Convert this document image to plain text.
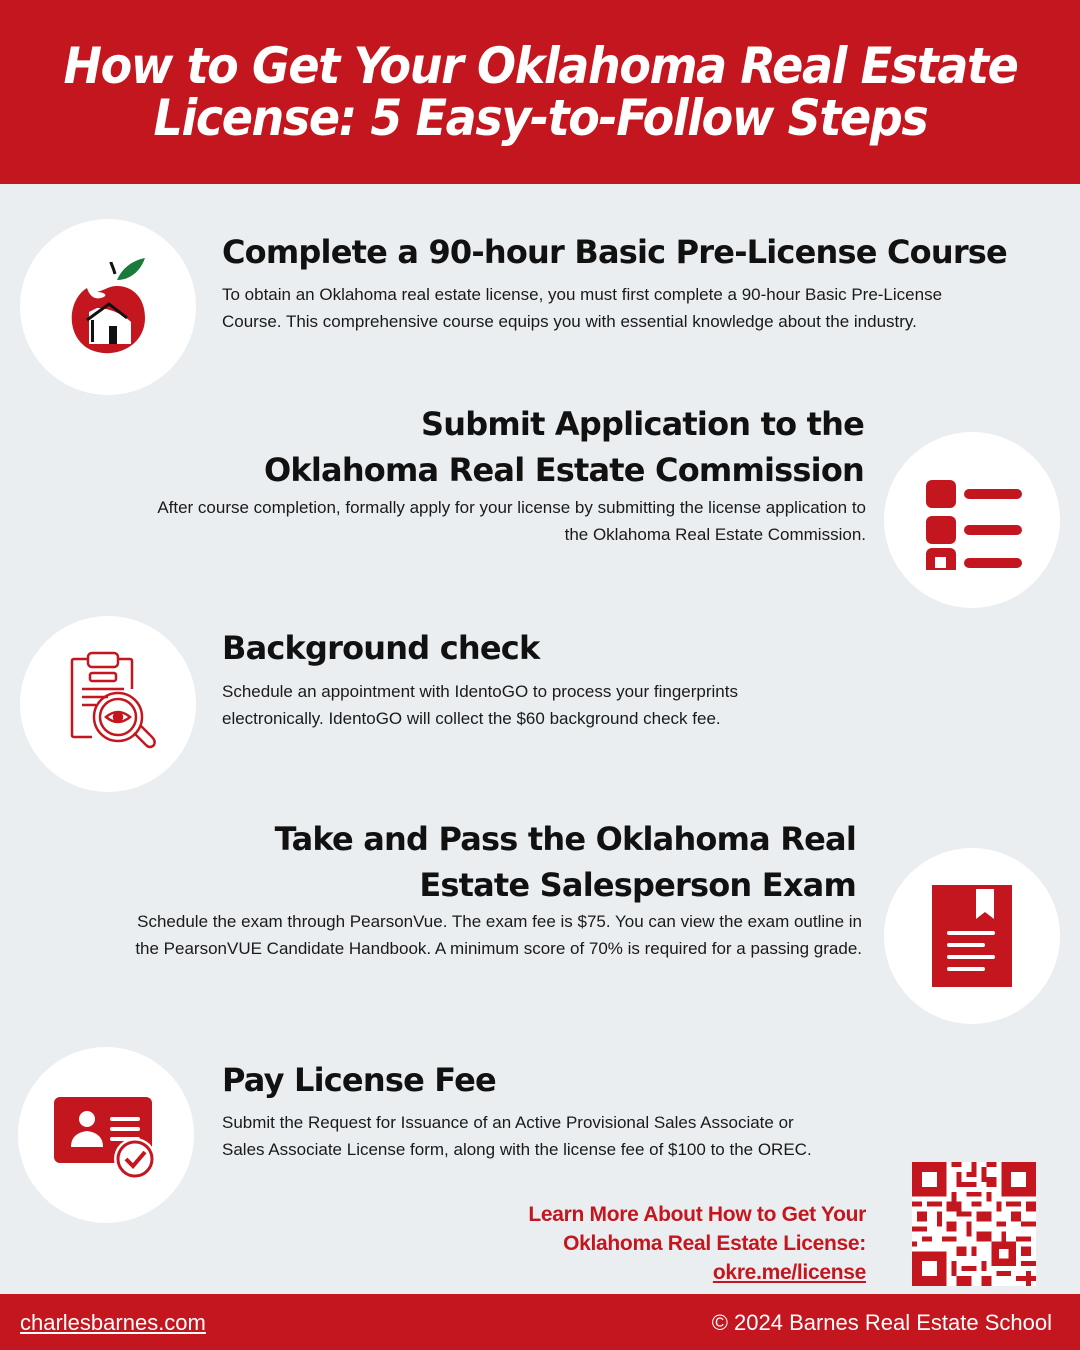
How to Get Your Oklahoma Real Estate
License: 5 Easy-to-Follow Steps
Complete a 90-hour Basic Pre-License Course
To obtain an Oklahoma real estate license, you must first complete a 90-hour Basic Pre-License
Course. This comprehensive course equips you with essential knowledge about the industry.
Submit Application to the
Oklahoma Real Estate Commission
After course completion, formally apply for your license by submitting the license application to
the Oklahoma Real Estate Commission.
Background check
Schedule an appointment with IdentoGO to process your fingerprints
electronically. IdentoGO will collect the $60 background check fee.
Take and Pass the Oklahoma Real
Estate Salesperson Exam
Schedule the exam through PearsonVue. The exam fee is $75. You can view the exam outline in
the PearsonVUE Candidate Handbook. A minimum score of 70% is required for a passing grade.
Pay License Fee
Submit the Request for Issuance of an Active Provisional Sales Associate or
Sales Associate License form, along with the license fee of $100 to the OREC.
Learn More About How to Get Your
Oklahoma Real Estate License:
okre.me/license
charlesbarnes.com	© 2024 Barnes Real Estate School
